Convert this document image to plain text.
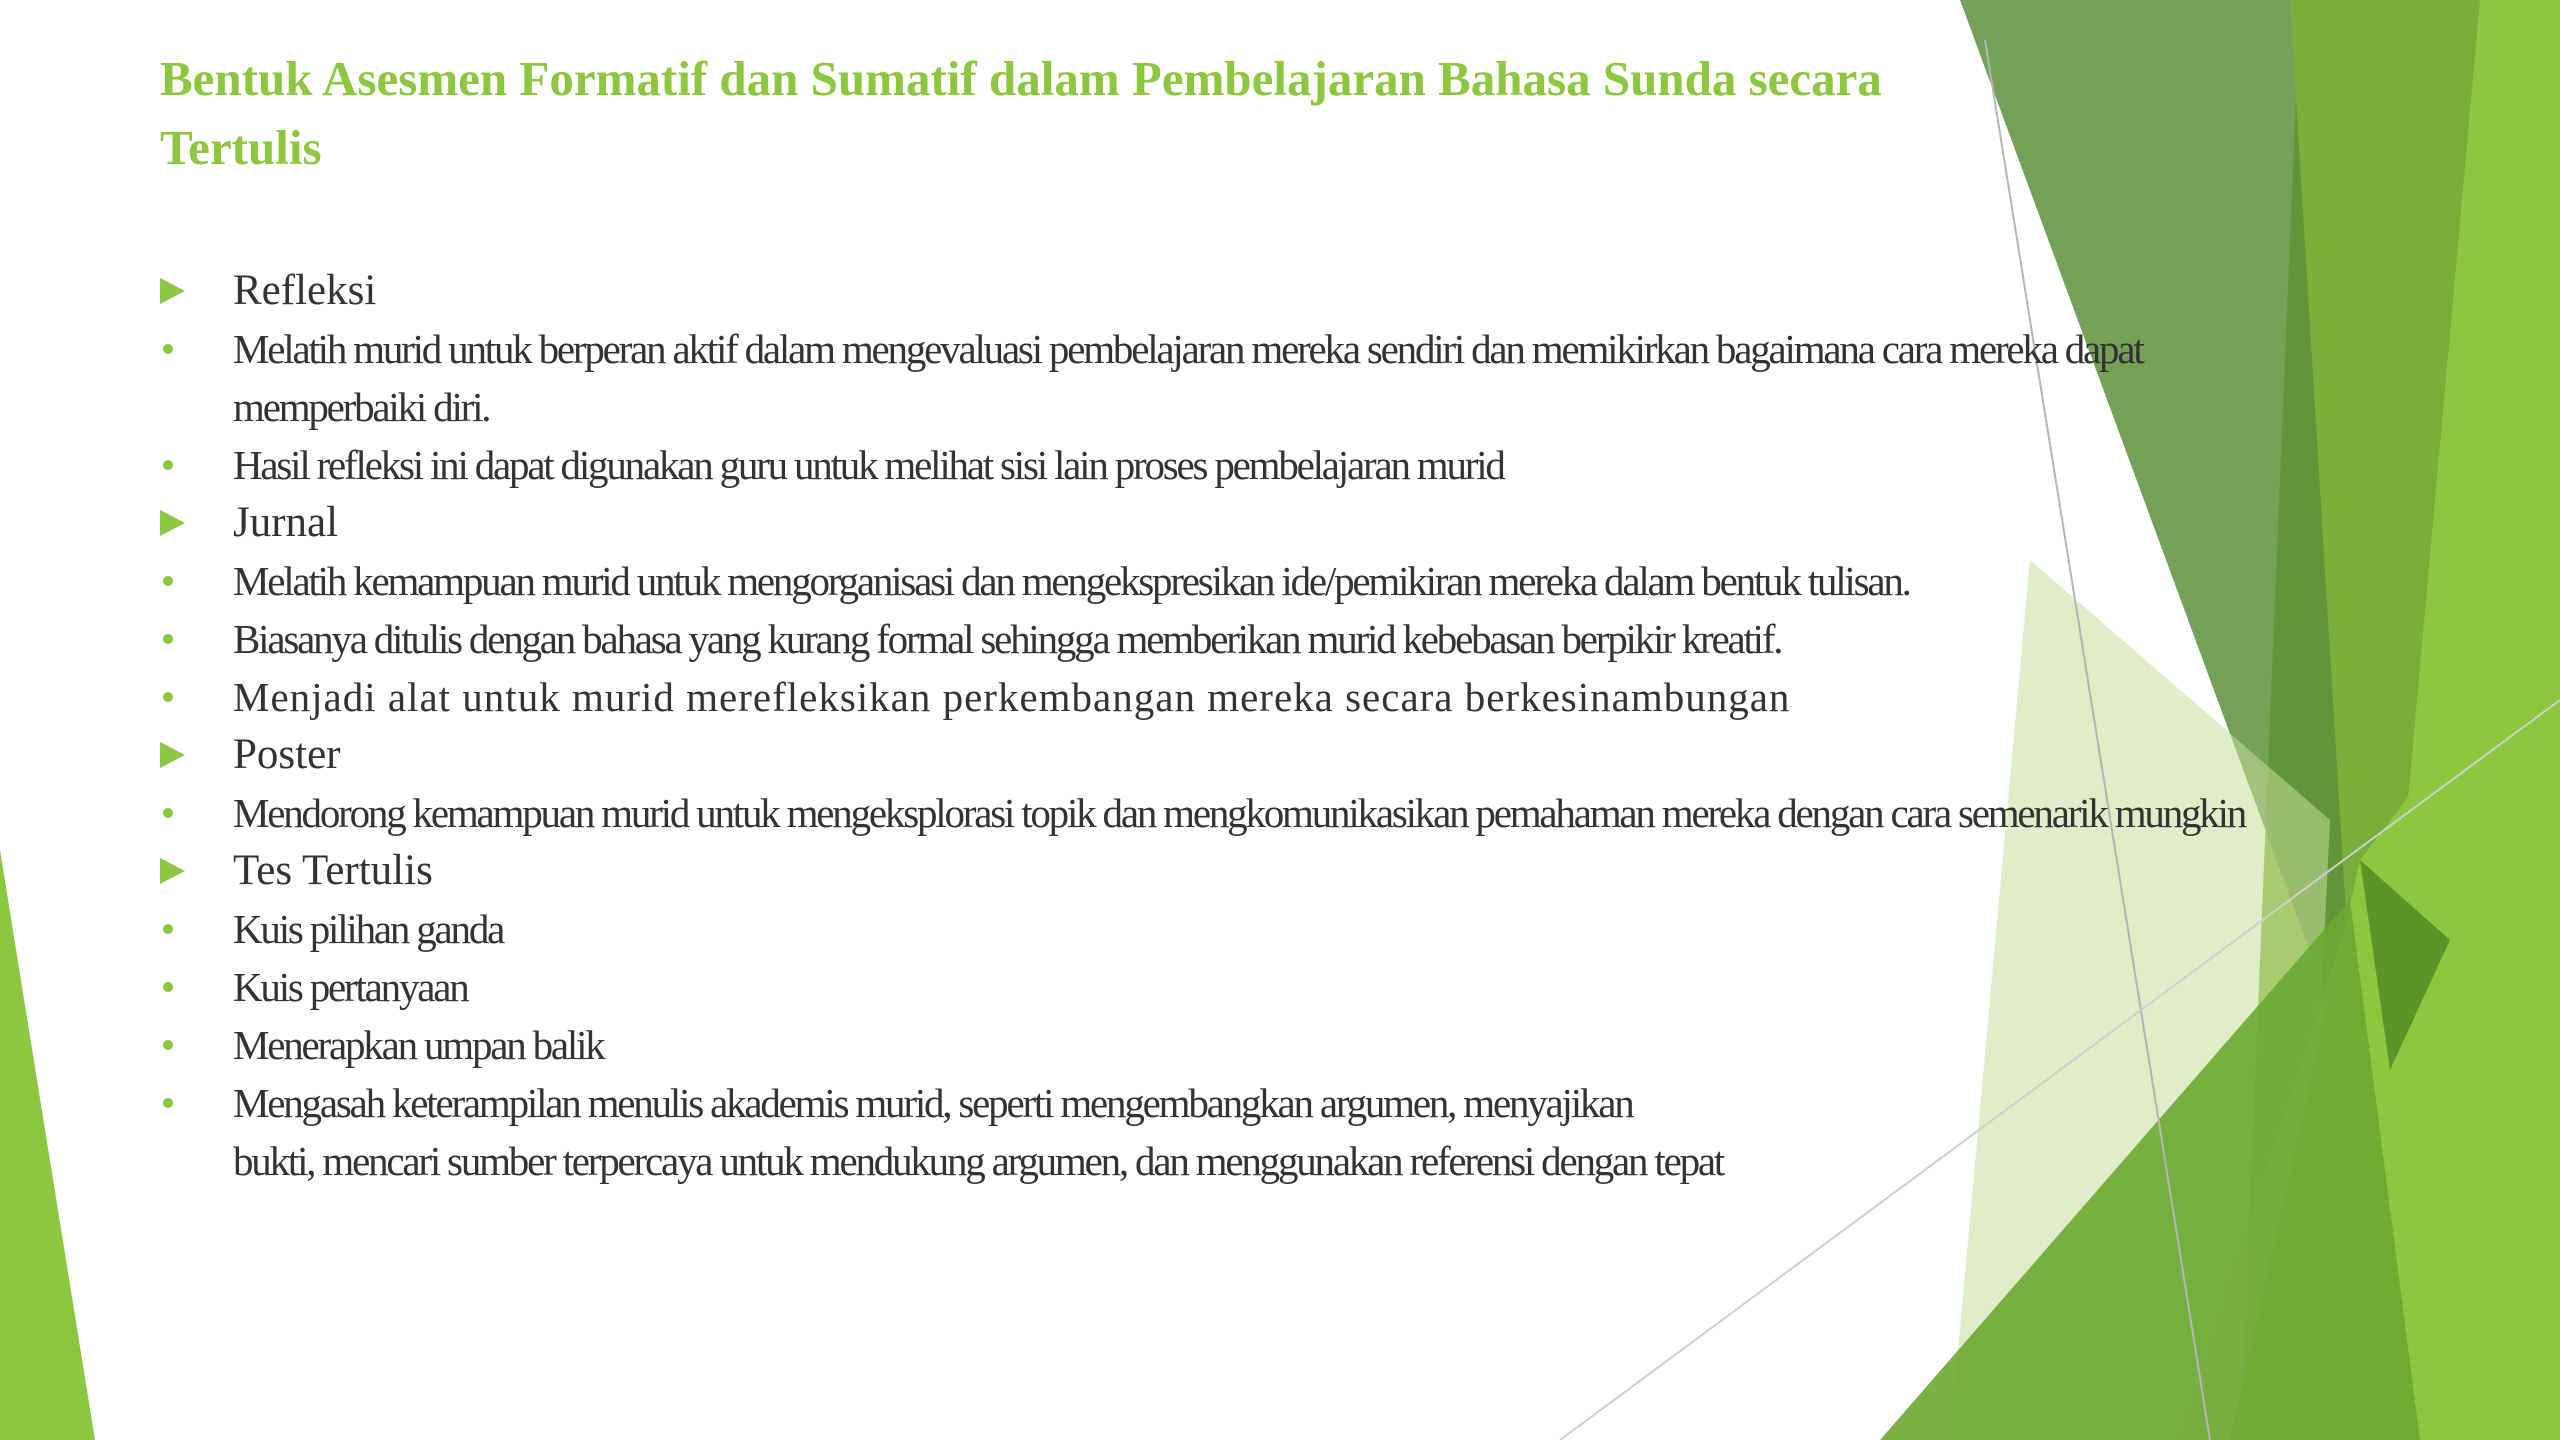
Bentuk Asesmen Formatif dan Sumatif dalam Pembelajaran Bahasa Sunda secara Tertulis
Refleksi
Melatih murid untuk berperan aktif dalam mengevaluasi pembelajaran mereka sendiri dan memikirkan bagaimana cara mereka dapat memperbaiki diri.
Hasil refleksi ini dapat digunakan guru untuk melihat sisi lain proses pembelajaran murid
Jurnal
Melatih kemampuan murid untuk mengorganisasi dan mengekspresikan ide/pemikiran mereka dalam bentuk tulisan.
Biasanya ditulis dengan bahasa yang kurang formal sehingga memberikan murid kebebasan berpikir kreatif.
Menjadi alat untuk murid merefleksikan perkembangan mereka secara berkesinambungan
Poster
Mendorong kemampuan murid untuk mengeksplorasi topik dan mengkomunikasikan pemahaman mereka dengan cara semenarik mungkin
Tes Tertulis
Kuis pilihan ganda
Kuis pertanyaan
Menerapkan umpan balik
Mengasah keterampilan menulis akademis murid, seperti mengembangkan argumen, menyajikan
bukti, mencari sumber terpercaya untuk mendukung argumen, dan menggunakan referensi dengan tepat
